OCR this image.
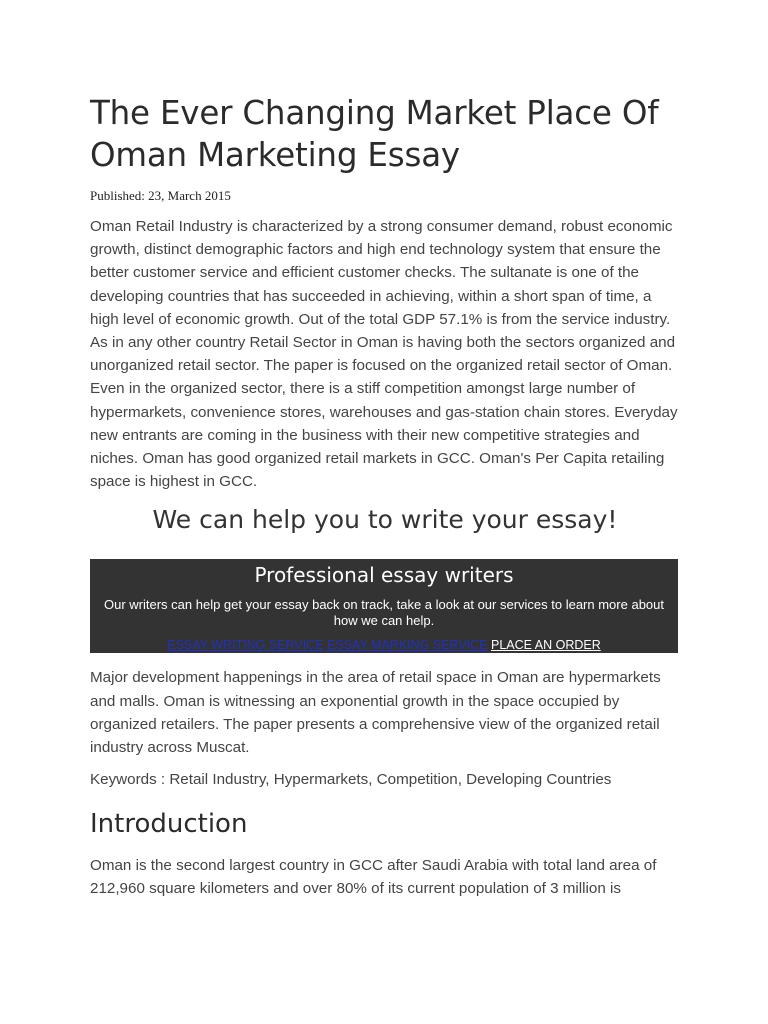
The Ever Changing Market Place Of Oman Marketing Essay
Published: 23, March 2015

Oman Retail Industry is characterized by a strong consumer demand, robust economic growth, distinct demographic factors and high end technology system that ensure the better customer service and efficient customer checks. The sultanate is one of the developing countries that has succeeded in achieving, within a short span of time, a high level of economic growth. Out of the total GDP 57.1% is from the service industry. As in any other country Retail Sector in Oman is having both the sectors organized and unorganized retail sector. The paper is focused on the organized retail sector of Oman. Even in the organized sector, there is a stiff competition amongst large number of hypermarkets, convenience stores, warehouses and gas-station chain stores. Everyday new entrants are coming in the business with their new competitive strategies and niches. Oman has good organized retail markets in GCC. Oman's Per Capita retailing space is highest in GCC.

We can help you to write your essay!
Professional essay writers
Our writers can help get your essay back on track, take a look at our services to learn more about how we can help.
ESSAY WRITING SERVICE ESSAY MARKING SERVICE PLACE AN ORDER

Major development happenings in the area of retail space in Oman are hypermarkets and malls. Oman is witnessing an exponential growth in the space occupied by organized retailers. The paper presents a comprehensive view of the organized retail industry across Muscat.

Keywords : Retail Industry, Hypermarkets, Competition, Developing Countries
Introduction

Oman is the second largest country in GCC after Saudi Arabia with total land area of 212,960 square kilometers and over 80% of its current population of 3 million is
